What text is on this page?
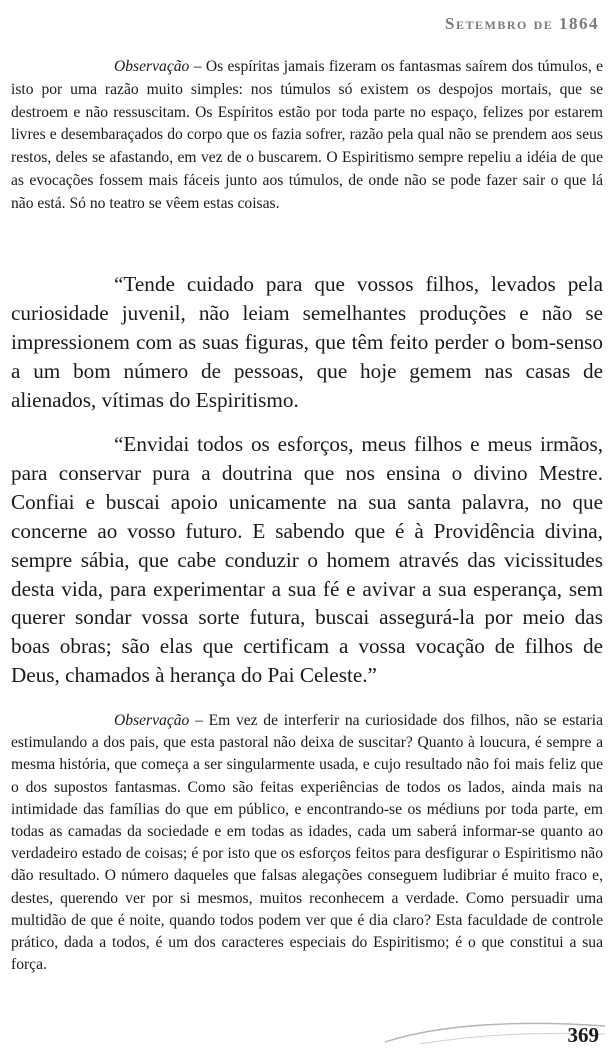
Setembro de 1864

Observação – Os espíritas jamais fizeram os fantasmas saírem dos túmulos, e isto por uma razão muito simples: nos túmulos só existem os despojos mortais, que se destroem e não ressuscitam. Os Espíritos estão por toda parte no espaço, felizes por estarem livres e desembaraçados do corpo que os fazia sofrer, razão pela qual não se prendem aos seus restos, deles se afastando, em vez de o buscarem. O Espiritismo sempre repeliu a idéia de que as evocações fossem mais fáceis junto aos túmulos, de onde não se pode fazer sair o que lá não está. Só no teatro se vêem estas coisas.

“Tende cuidado para que vossos filhos, levados pela curiosidade juvenil, não leiam semelhantes produções e não se impressionem com as suas figuras, que têm feito perder o bom-senso a um bom número de pessoas, que hoje gemem nas casas de alienados, vítimas do Espiritismo.

“Envidai todos os esforços, meus filhos e meus irmãos, para conservar pura a doutrina que nos ensina o divino Mestre. Confiai e buscai apoio unicamente na sua santa palavra, no que concerne ao vosso futuro. E sabendo que é à Providência divina, sempre sábia, que cabe conduzir o homem através das vicissitudes desta vida, para experimentar a sua fé e avivar a sua esperança, sem querer sondar vossa sorte futura, buscai assegurá-la por meio das boas obras; são elas que certificam a vossa vocação de filhos de Deus, chamados à herança do Pai Celeste.”

Observação – Em vez de interferir na curiosidade dos filhos, não se estaria estimulando a dos pais, que esta pastoral não deixa de suscitar? Quanto à loucura, é sempre a mesma história, que começa a ser singularmente usada, e cujo resultado não foi mais feliz que o dos supostos fantasmas. Como são feitas experiências de todos os lados, ainda mais na intimidade das famílias do que em público, e encontrando-se os médiuns por toda parte, em todas as camadas da sociedade e em todas as idades, cada um saberá informar-se quanto ao verdadeiro estado de coisas; é por isto que os esforços feitos para desfigurar o Espiritismo não dão resultado. O número daqueles que falsas alegações conseguem ludibriar é muito fraco e, destes, querendo ver por si mesmos, muitos reconhecem a verdade. Como persuadir uma multidão de que é noite, quando todos podem ver que é dia claro? Esta faculdade de controle prático, dada a todos, é um dos caracteres especiais do Espiritismo; é o que constitui a sua força.

369
